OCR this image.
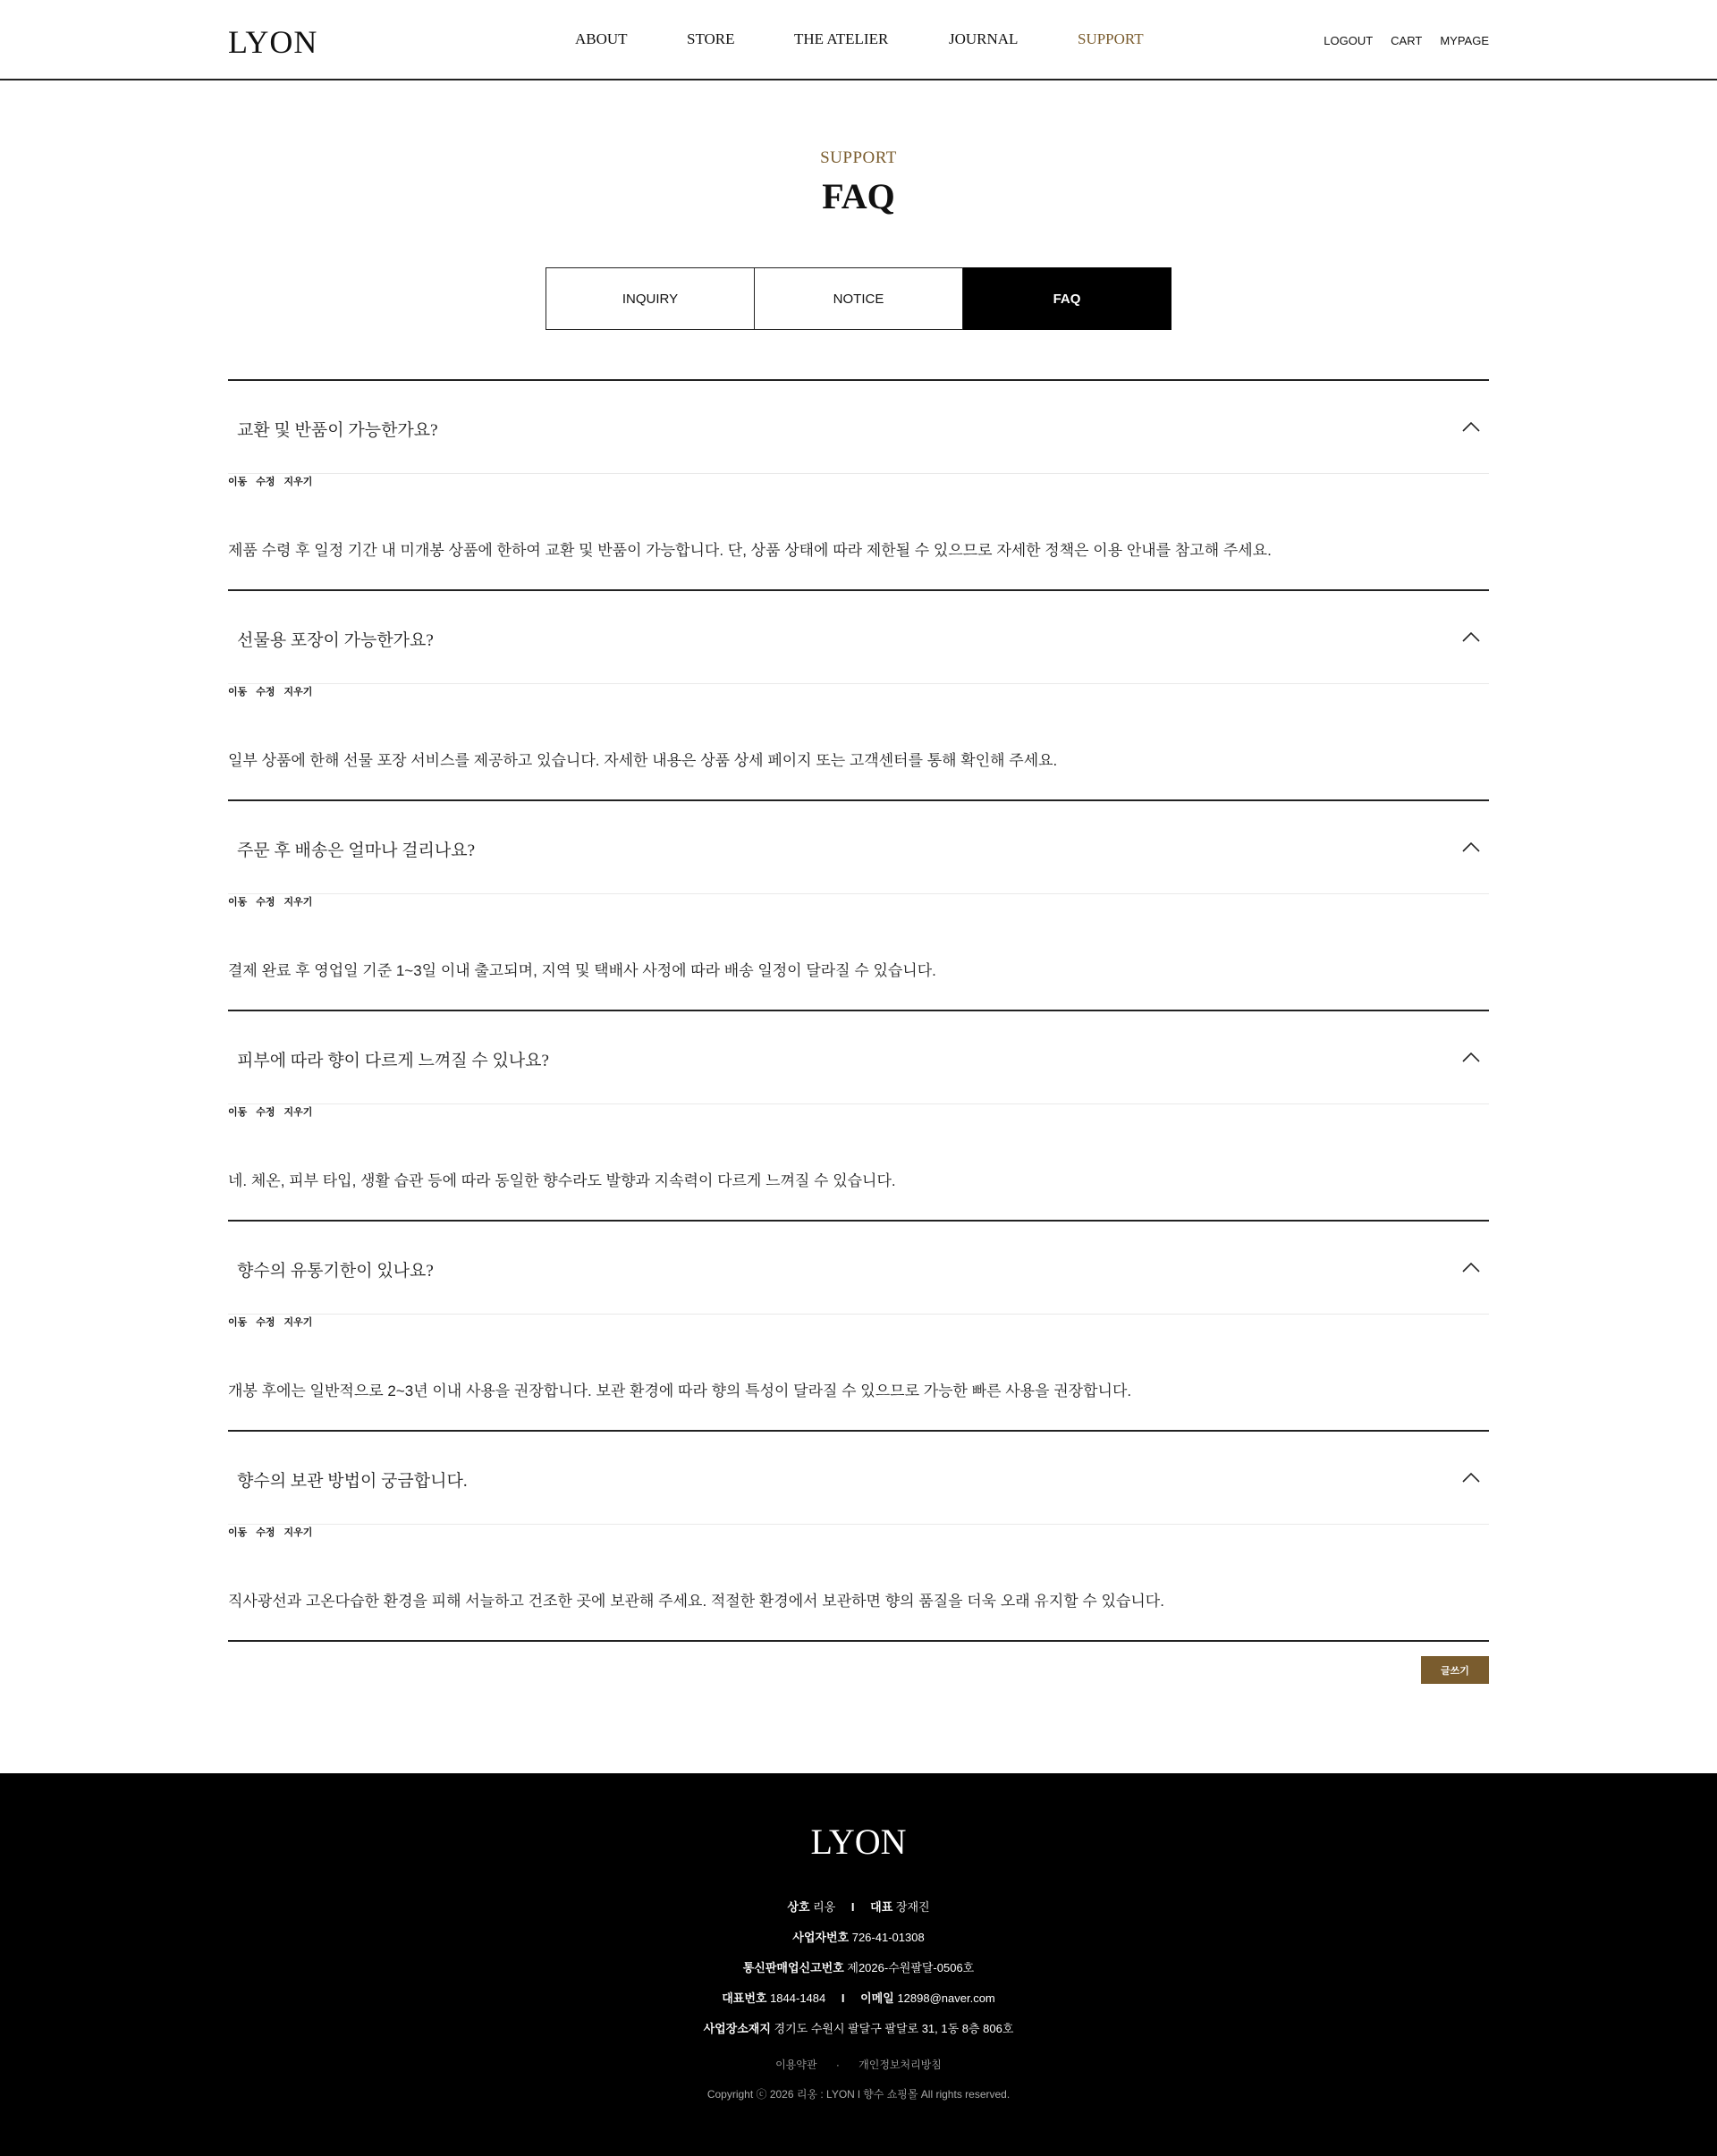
LYON	ABOUT	STORE	THE ATELIER	JOURNAL	SUPPORT	LOGOUT CART MYPAGE
SUPPORT
FAQ
INQUIRY	NOTICE	FAQ
교환 및 반품이 가능한가요?
이동 수정 지우기

제품 수령 후 일정 기간 내 미개봉 상품에 한하여 교환 및 반품이 가능합니다. 단, 상품 상태에 따라 제한될 수 있으므로 자세한 정책은 이용 안내를 참고해 주세요.

선물용 포장이 가능한가요?
이동 수정 지우기

일부 상품에 한해 선물 포장 서비스를 제공하고 있습니다. 자세한 내용은 상품 상세 페이지 또는 고객센터를 통해 확인해 주세요.

주문 후 배송은 얼마나 걸리나요?
이동 수정 지우기

결제 완료 후 영업일 기준 1~3일 이내 출고되며, 지역 및 택배사 사정에 따라 배송 일정이 달라질 수 있습니다.

피부에 따라 향이 다르게 느껴질 수 있나요?
이동 수정 지우기

네. 체온, 피부 타입, 생활 습관 등에 따라 동일한 향수라도 발향과 지속력이 다르게 느껴질 수 있습니다.

향수의 유통기한이 있나요?
이동 수정 지우기

개봉 후에는 일반적으로 2~3년 이내 사용을 권장합니다. 보관 환경에 따라 향의 특성이 달라질 수 있으므로 가능한 빠른 사용을 권장합니다.

향수의 보관 방법이 궁금합니다.
이동 수정 지우기

직사광선과 고온다습한 환경을 피해 서늘하고 건조한 곳에 보관해 주세요. 적절한 환경에서 보관하면 향의 품질을 더욱 오래 유지할 수 있습니다.

글쓰기
LYON
상호 리옹 I 대표 장재진
사업자번호 726-41-01308
통신판매업신고번호 제2026-수원팔달-0506호
대표번호 1844-1484 I 이메일 12898@naver.com
사업장소재지 경기도 수원시 팔달구 팔달로 31, 1동 8층 806호
이용약관 · 개인정보처리방침
Copyright ⓒ 2026 리옹 : LYON l 향수 쇼핑몰 All rights reserved.
